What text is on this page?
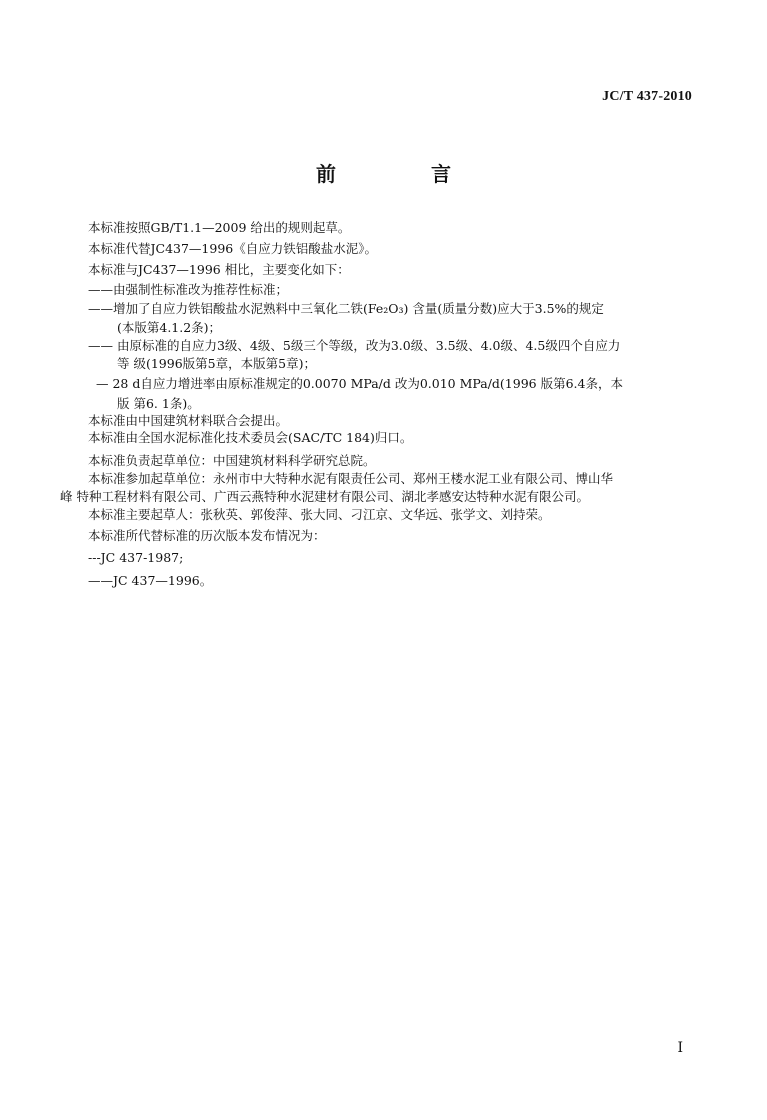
JC/T 437-2010
前 言
本标准按照GB/T1.1—2009 给出的规则起草。
本标准代替JC437—1996《自应力铁铝酸盐水泥》。
本标准与JC437—1996 相比，主要变化如下：
——由强制性标准改为推荐性标准；
——增加了自应力铁铝酸盐水泥熟料中三氧化二铁(Fe₂O₃) 含量(质量分数)应大于3.5%的规定
(本版第4.1.2条)；
—— 由原标准的自应力3级、4级、5级三个等级，改为3.0级、3.5级、4.0级、4.5级四个自应力
等 级(1996版第5章，本版第5章)；
— 28 d自应力增进率由原标准规定的0.0070 MPa/d 改为0.010 MPa/d(1996 版第6.4条，本
版 第6. 1条)。
本标准由中国建筑材料联合会提出。
本标准由全国水泥标准化技术委员会(SAC/TC 184)归口。
本标准负责起草单位：中国建筑材料科学研究总院。
本标准参加起草单位：永州市中大特种水泥有限责任公司、郑州王楼水泥工业有限公司、博山华
峰 特种工程材料有限公司、广西云燕特种水泥建材有限公司、湖北孝感安达特种水泥有限公司。
本标准主要起草人：张秋英、郭俊萍、张大同、刁江京、文华远、张学文、刘持荣。
本标准所代替标准的历次版本发布情况为：
---JC 437-1987;
——JC 437—1996。
I
